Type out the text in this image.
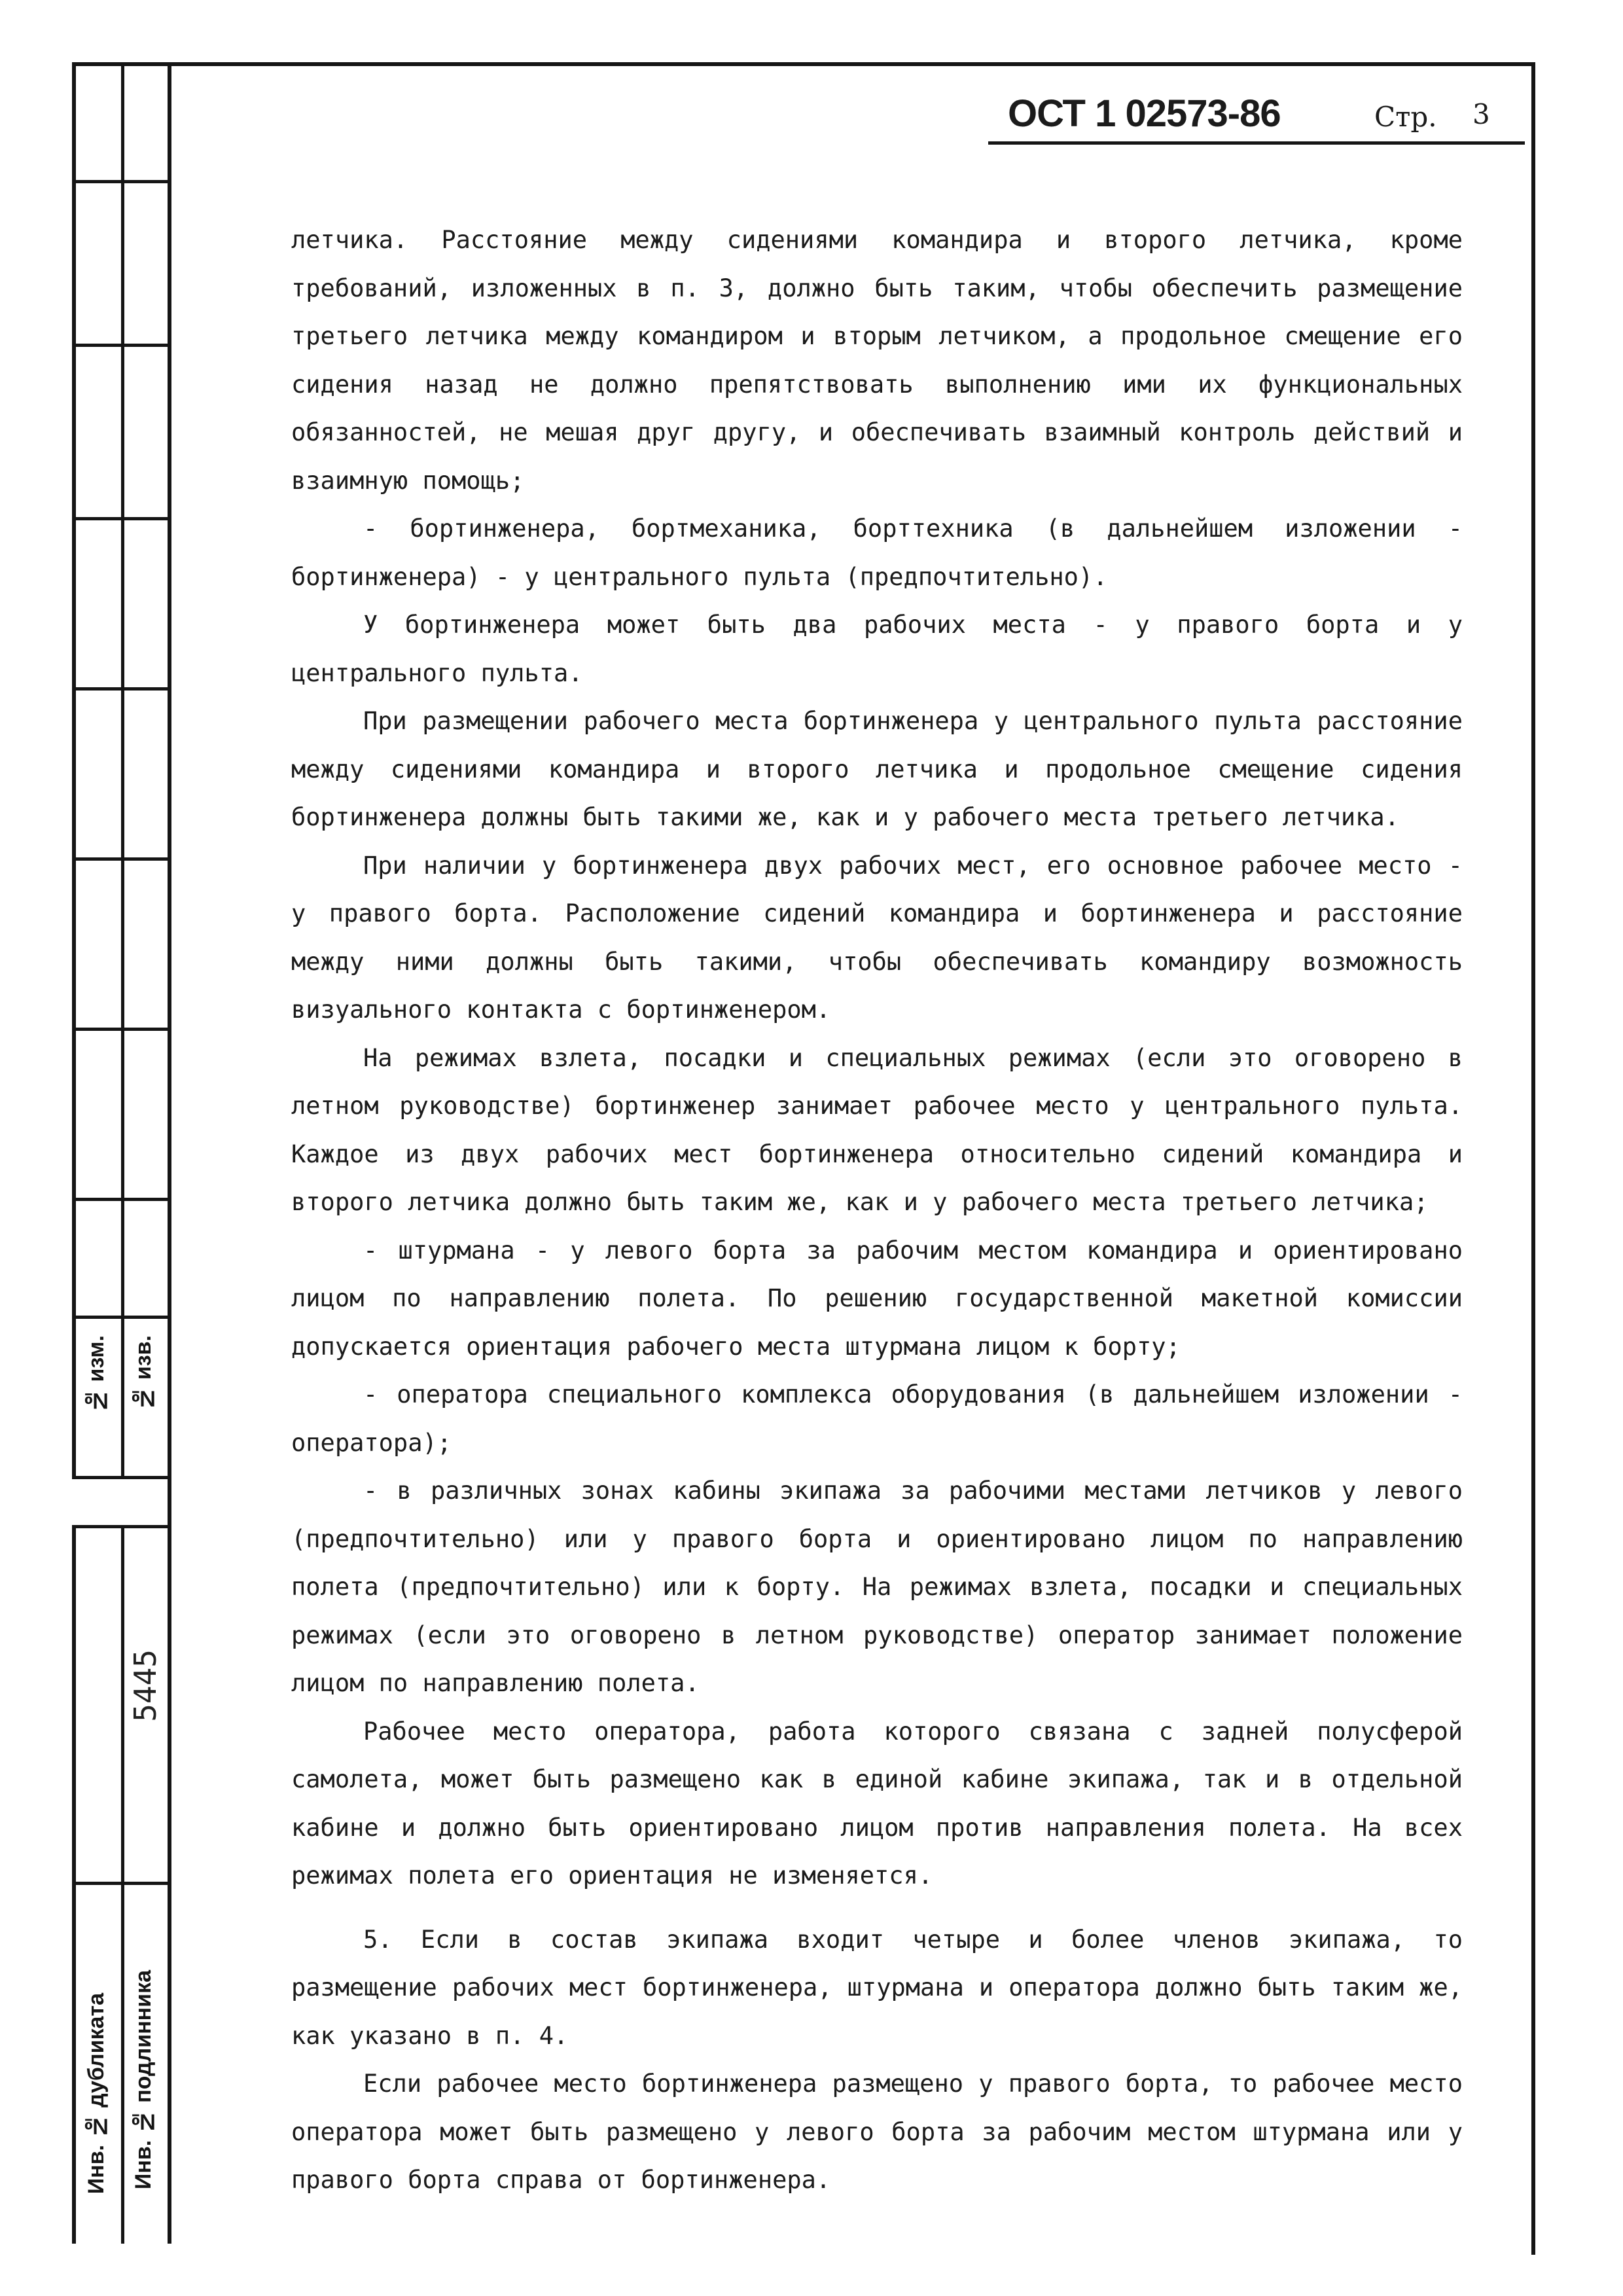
№ изм. № изв.
5445
Инв. № дубликата Инв. № подлинника
ОСТ 1 02573-86	Стр. 3

летчика. Расстояние между сидениями командира и второго летчика, кроме требований, изложенных в п. 3, должно быть таким, чтобы обеспечить размещение третьего летчика между командиром и вторым летчиком, а продольное смещение его сидения назад не должно препятствовать выполнению ими их функциональных обязанностей, не мешая друг другу, и обеспечивать взаимный контроль действий и взаимную помощь;

- бортинженера, бортмеханика, борттехника (в дальнейшем изложении - бортинженера) - у центрального пульта (предпочтительно).

У бортинженера может быть два рабочих места - у правого борта и у центрального пульта.

При размещении рабочего места бортинженера у центрального пульта расстояние между сидениями командира и второго летчика и продольное смещение сидения бортинженера должны быть такими же, как и у рабочего места третьего летчика.

При наличии у бортинженера двух рабочих мест, его основное рабочее место - у правого борта. Расположение сидений командира и бортинженера и расстояние между ними должны быть такими, чтобы обеспечивать командиру возможность визуального контакта с бортинженером.

На режимах взлета, посадки и специальных режимах (если это оговорено в летном руководстве) бортинженер занимает рабочее место у центрального пульта. Каждое из двух рабочих мест бортинженера относительно сидений командира и второго летчика должно быть таким же, как и у рабочего места третьего летчика;

- штурмана - у левого борта за рабочим местом командира и ориентировано лицом по направлению полета. По решению государственной макетной комиссии допускается ориентация рабочего места штурмана лицом к борту;

- оператора специального комплекса оборудования (в дальнейшем изложении - оператора);

- в различных зонах кабины экипажа за рабочими местами летчиков у левого (предпочтительно) или у правого борта и ориентировано лицом по направлению полета (предпочтительно) или к борту. На режимах взлета, посадки и специальных режимах (если это оговорено в летном руководстве) оператор занимает положение лицом по направлению полета.

Рабочее место оператора, работа которого связана с задней полусферой самолета, может быть размещено как в единой кабине экипажа, так и в отдельной кабине и должно быть ориентировано лицом против направления полета. На всех режимах полета его ориентация не изменяется.

5. Если в состав экипажа входит четыре и более членов экипажа, то размещение рабочих мест бортинженера, штурмана и оператора должно быть таким же, как указано в п. 4.

Если рабочее место бортинженера размещено у правого борта, то рабочее место оператора может быть размещено у левого борта за рабочим местом штурмана или у правого борта справа от бортинженера.
